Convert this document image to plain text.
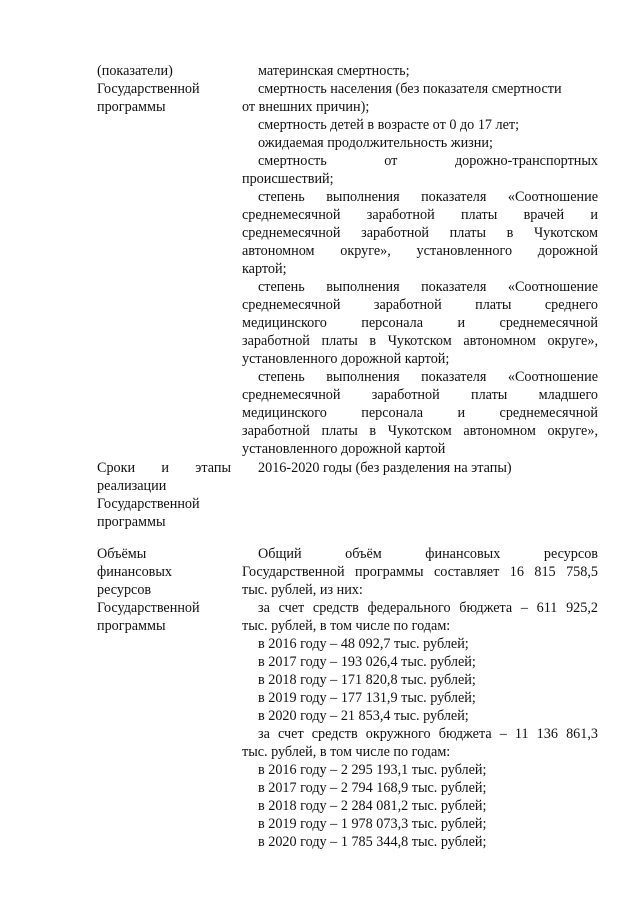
(показатели)
Государственной
программы
материнская смертность;
смертность населения (без показателя смертности
от внешних причин);
смертность детей в возрасте от 0 до 17 лет;
ожидаемая продолжительность жизни;
смертность от дорожно-транспортных
происшествий;
степень выполнения показателя «Соотношение
среднемесячной заработной платы врачей и
среднемесячной заработной платы в Чукотском
автономном округе», установленного дорожной
картой;
степень выполнения показателя «Соотношение
среднемесячной заработной платы среднего
медицинского персонала и среднемесячной
заработной платы в Чукотском автономном округе»,
установленного дорожной картой;
степень выполнения показателя «Соотношение
среднемесячной заработной платы младшего
медицинского персонала и среднемесячной
заработной платы в Чукотском автономном округе»,
установленного дорожной картой
Сроки и этапы
реализации
Государственной
программы
2016-2020 годы (без разделения на этапы)
Объёмы
финансовых
ресурсов
Государственной
программы
Общий объём финансовых ресурсов
Государственной программы составляет 16 815 758,5
тыс. рублей, из них:
за счет средств федерального бюджета – 611 925,2
тыс. рублей, в том числе по годам:
в 2016 году – 48 092,7 тыс. рублей;
в 2017 году – 193 026,4 тыс. рублей;
в 2018 году – 171 820,8 тыс. рублей;
в 2019 году – 177 131,9 тыс. рублей;
в 2020 году – 21 853,4 тыс. рублей;
за счет средств окружного бюджета – 11 136 861,3
тыс. рублей, в том числе по годам:
в 2016 году – 2 295 193,1 тыс. рублей;
в 2017 году – 2 794 168,9 тыс. рублей;
в 2018 году – 2 284 081,2 тыс. рублей;
в 2019 году – 1 978 073,3 тыс. рублей;
в 2020 году – 1 785 344,8 тыс. рублей;
